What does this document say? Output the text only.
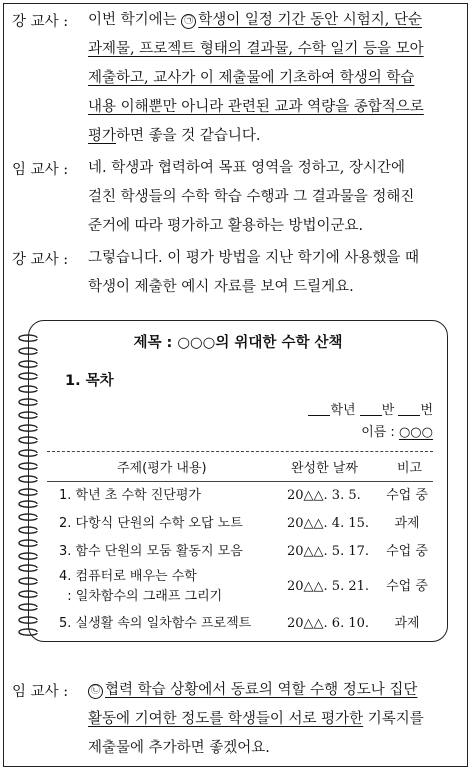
강 교사 : 이번 학기에는 ㉠ 학생이 일정 기간 동안 시험지, 단순
과제물, 프로젝트 형태의 결과물, 수학 일기 등을 모아
제출하고, 교사가 이 제출물에 기초하여 학생의 학습
내용 이해뿐만 아니라 관련된 교과 역량을 종합적으로
평가하면 좋을 것 같습니다.
임 교사 : 네. 학생과 협력하여 목표 영역을 정하고, 장시간에
걸친 학생들의 수학 학습 수행과 그 결과물을 정해진
준거에 따라 평가하고 활용하는 방법이군요.
강 교사 : 그렇습니다. 이 평가 방법을 지난 학기에 사용했을 때
학생이 제출한 예시 자료를 보여 드릴게요.
제목 : ○○○의 위대한 수학 산책
1. 목차
학년 반 번
이름 : ○○○
주제(평가 내용)	완성한 날짜	비고
1. 학년 초 수학 진단평가	20△△. 3. 5.	수업 중
2. 다항식 단원의 수학 오답 노트	20△△. 4. 15.	과제
3. 함수 단원의 모둠 활동지 모음	20△△. 5. 17.	수업 중
4. 컴퓨터로 배우는 수학
: 일차함수의 그래프 그리기
20△△. 5. 21.	수업 중
5. 실생활 속의 일차함수 프로젝트	20△△. 6. 10.	과제
임 교사 :	㉡ 협력 학습 상황에서 동료의 역할 수행 정도나 집단
활동에 기여한 정도를 학생들이 서로 평가한 기록지를
제출물에 추가하면 좋겠어요.
